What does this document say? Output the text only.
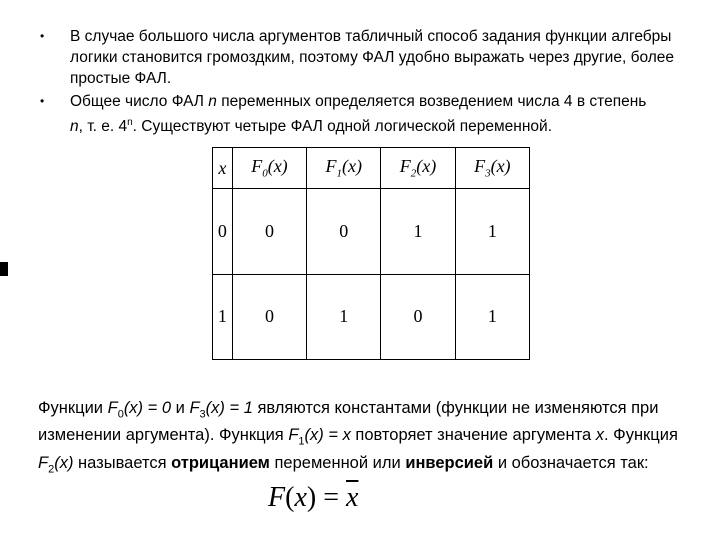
• В случае большого числа аргументов табличный способ задания функции алгебры логики становится громоздким, поэтому ФАЛ удобно выражать через другие, более простые ФАЛ.
• Общее число ФАЛ n переменных определяется возведением числа 4 в степень
n, т. е. 4$^n$. Существуют четыре ФАЛ одной логической переменной.
x	$F_0(x)$	$F_1(x)$	$F_2(x)$	$F_3(x)$
0	0	0	1	1
1	0	1	0	1
Функции $F_0(x) = 0$ и $F_3(x) = 1$ являются константами (функции не изменяются при изменении аргумента). Функция $F_1(x) = x$ повторяет значение аргумента x. Функция $F_2(x)$ называется отрицанием переменной или инверсией и обозначается так:
$F(x) = \overline{x}$
